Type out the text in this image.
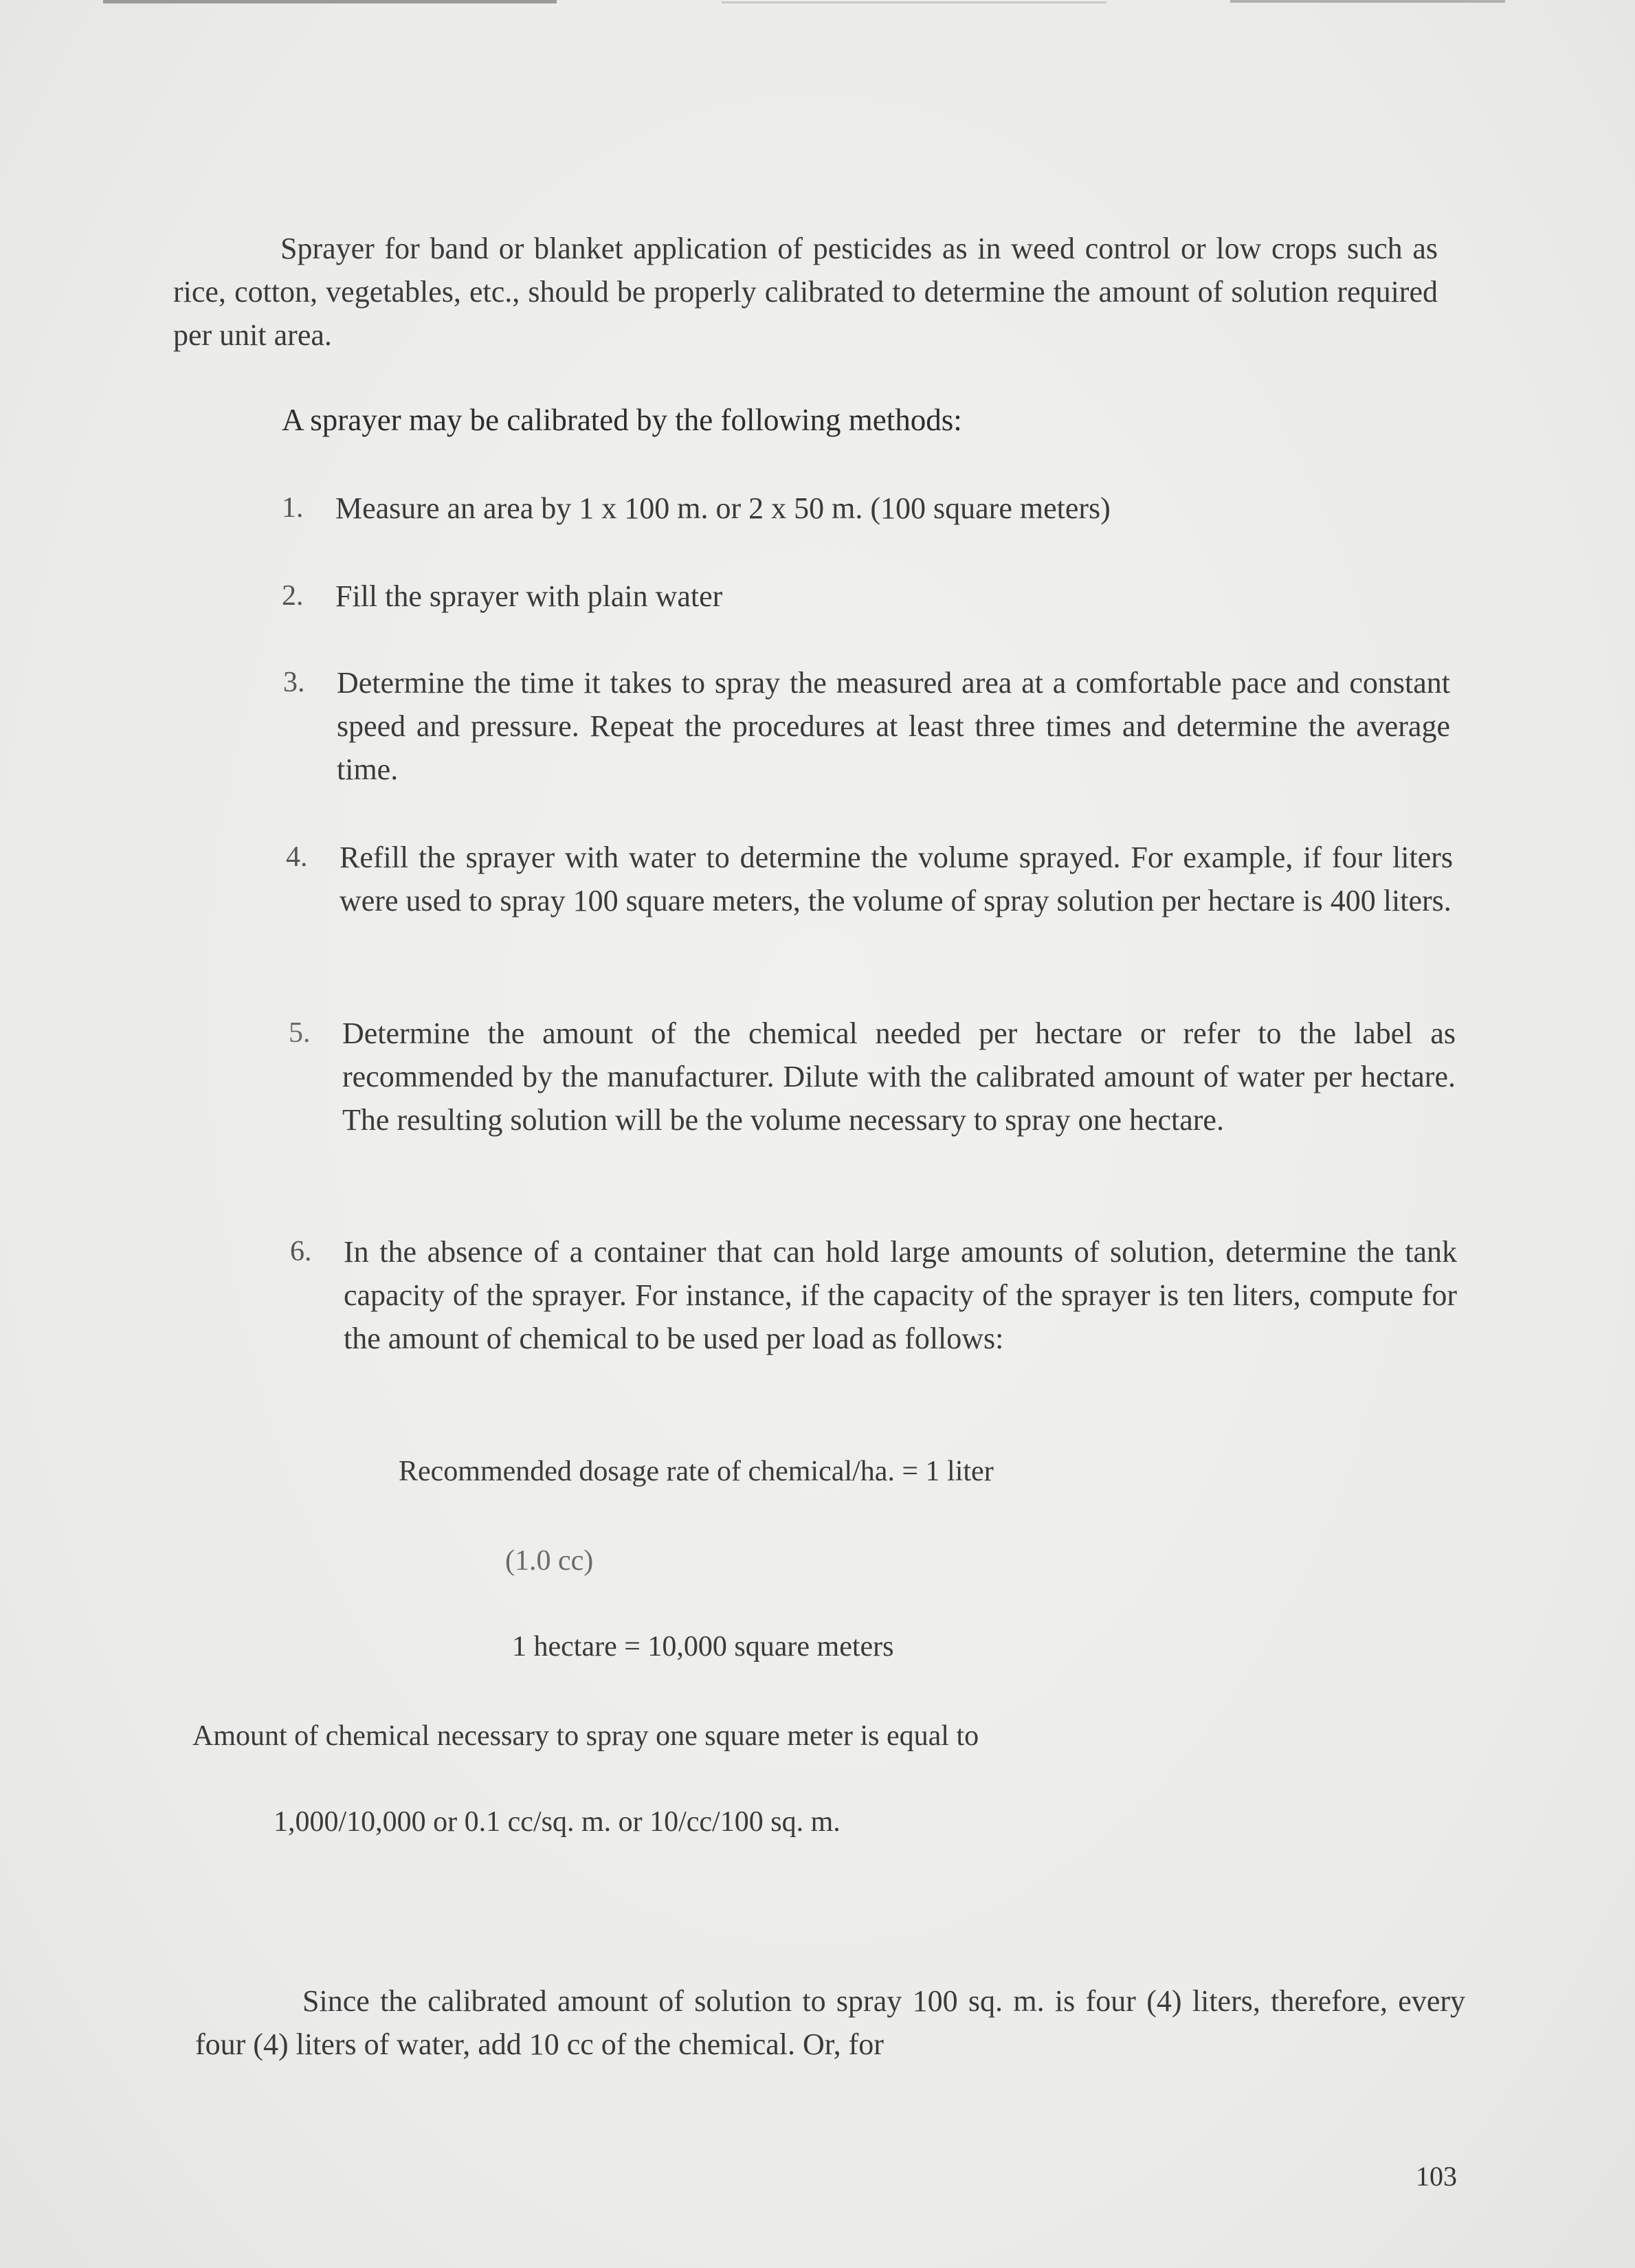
Sprayer for band or blanket application of pesticides as in weed control or low crops such as rice, cotton, vegetables, etc., should be properly calibrated to determine the amount of solution required per unit area.

A sprayer may be calibrated by the following methods:

1. Measure an area by 1 x 100 m. or 2 x 50 m. (100 square meters)

2. Fill the sprayer with plain water

3. Determine the time it takes to spray the measured area at a comfortable pace and constant speed and pressure. Repeat the procedures at least three times and determine the average time.

4. Refill the sprayer with water to determine the volume sprayed. For example, if four liters were used to spray 100 square meters, the volume of spray solution per hectare is 400 liters.

5. Determine the amount of the chemical needed per hectare or refer to the label as recommended by the manufacturer. Dilute with the calibrated amount of water per hectare. The resulting solution will be the volume necessary to spray one hectare.

6. In the absence of a container that can hold large amounts of solution, determine the tank capacity of the sprayer. For instance, if the capacity of the sprayer is ten liters, compute for the amount of chemical to be used per load as follows:

Recommended dosage rate of chemical/ha. = 1 liter

(1.0 cc)

1 hectare = 10,000 square meters

Amount of chemical necessary to spray one square meter is equal to

1,000/10,000 or 0.1 cc/sq. m. or 10/cc/100 sq. m.

Since the calibrated amount of solution to spray 100 sq. m. is four (4) liters, therefore, every four (4) liters of water, add 10 cc of the chemical. Or, for

103
